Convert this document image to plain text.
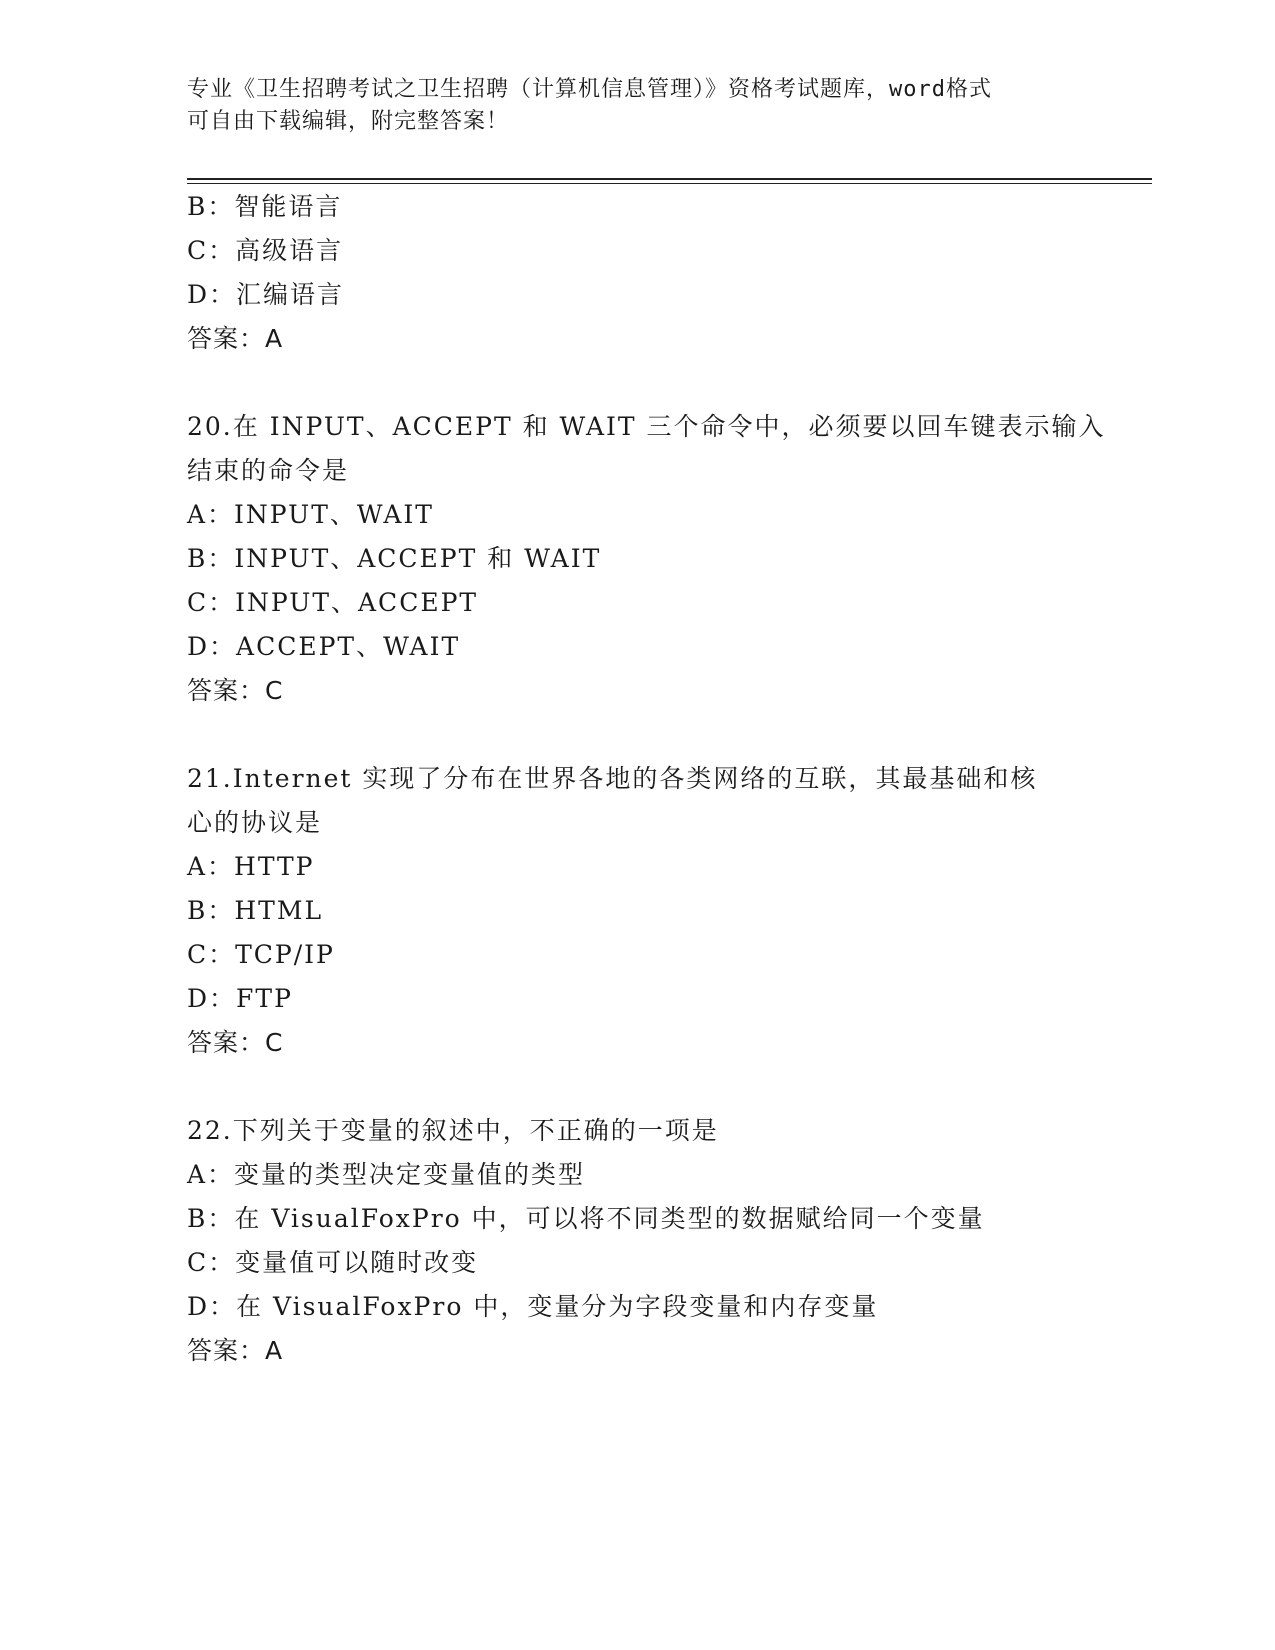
专业《卫生招聘考试之卫生招聘（计算机信息管理）》资格考试题库，word格式
可自由下载编辑，附完整答案！
B：智能语言
C：高级语言
D：汇编语言
答案：A
20.在 INPUT、ACCEPT 和 WAIT 三个命令中，必须要以回车键表示输入
结束的命令是
A：INPUT、WAIT
B：INPUT、ACCEPT 和 WAIT
C：INPUT、ACCEPT
D：ACCEPT、WAIT
答案：C
21.Internet 实现了分布在世界各地的各类网络的互联，其最基础和核
心的协议是
A：HTTP
B：HTML
C：TCP/IP
D：FTP
答案：C
22.下列关于变量的叙述中，不正确的一项是
A：变量的类型决定变量值的类型
B：在 VisualFoxPro 中，可以将不同类型的数据赋给同一个变量
C：变量值可以随时改变
D：在 VisualFoxPro 中，变量分为字段变量和内存变量
答案：A
